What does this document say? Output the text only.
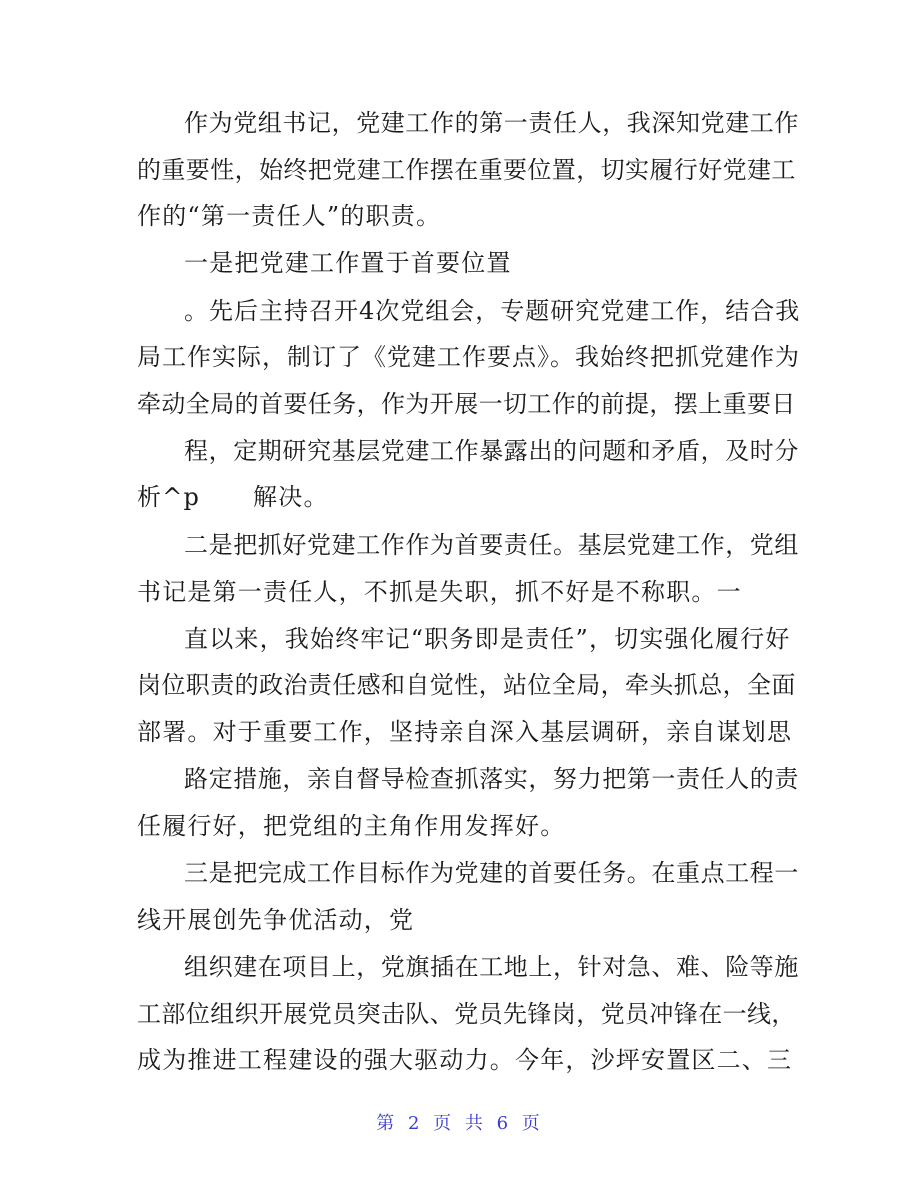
作为党组书记，党建工作的第一责任人，我深知党建工作
的重要性，始终把党建工作摆在重要位置，切实履行好党建工
作的“第一责任人”的职责。
一是把党建工作置于首要位置
。先后主持召开4次党组会，专题研究党建工作，结合我
局工作实际，制订了《党建工作要点》。我始终把抓党建作为
牵动全局的首要任务，作为开展一切工作的前提，摆上重要日
程，定期研究基层党建工作暴露出的问题和矛盾，及时分
析^p      解决。
二是把抓好党建工作作为首要责任。基层党建工作，党组
书记是第一责任人，不抓是失职，抓不好是不称职。一
直以来，我始终牢记“职务即是责任”，切实强化履行好
岗位职责的政治责任感和自觉性，站位全局，牵头抓总，全面
部署。对于重要工作，坚持亲自深入基层调研，亲自谋划思
路定措施，亲自督导检查抓落实，努力把第一责任人的责
任履行好，把党组的主角作用发挥好。
三是把完成工作目标作为党建的首要任务。在重点工程一
线开展创先争优活动，党
组织建在项目上，党旗插在工地上，针对急、难、险等施
工部位组织开展党员突击队、党员先锋岗，党员冲锋在一线，
成为推进工程建设的强大驱动力。今年，沙坪安置区二、三
第 2 页 共 6 页
